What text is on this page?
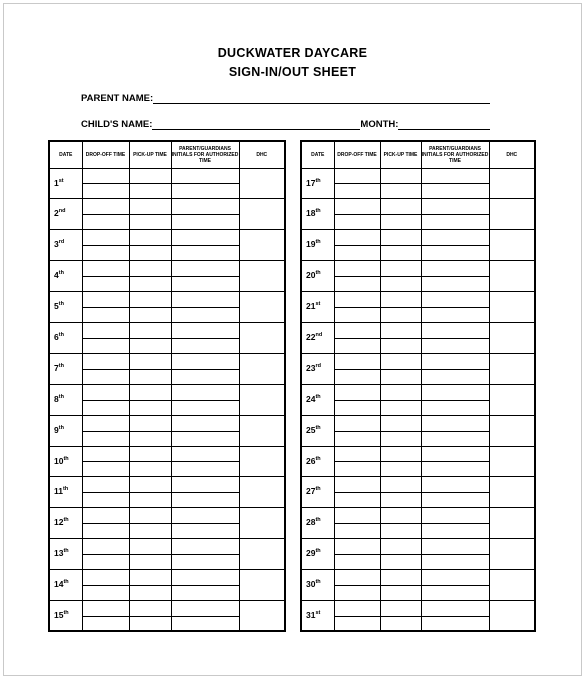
DUCKWATER DAYCARE
SIGN-IN/OUT SHEET
PARENT NAME:
CHILD'S NAME:	MONTH:
DATE	DROP-OFF TIME	PICK-UP TIME	PARENT/GUARDIANS INITIALS FOR AUTHORIZED TIME	DHC
1st				
2nd				
3rd				
4th				
5th				
6th				
7th				
8th				
9th				
10th				
11th				
12th				
13th				
14th				
15th				
DATE	DROP-OFF TIME	PICK-UP TIME	PARENT/GUARDIANS INITIALS FOR AUTHORIZED TIME	DHC
17th				
18th				
19th				
20th				
21st				
22nd				
23rd				
24th				
25th				
26th				
27th				
28th				
29th				
30th				
31st				
